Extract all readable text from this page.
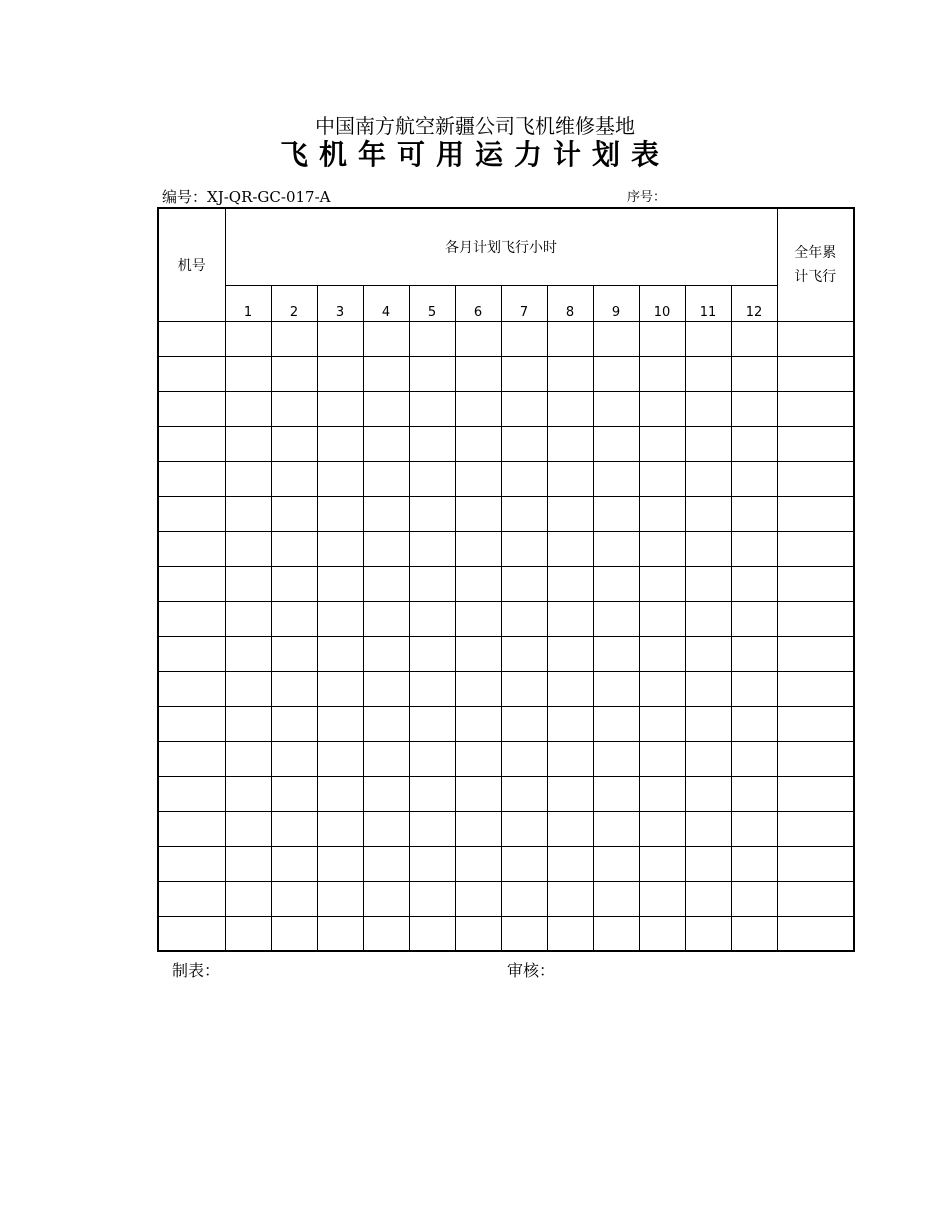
中国南方航空新疆公司飞机维修基地
飞机年可用运力计划表
编号：XJ-QR-GC-017-A	序号：
机号	各月计划飞行小时												全年累
计飞行

	1	2	3	4	5	6	7	8	9	10	11	12	

制表：	审核：
